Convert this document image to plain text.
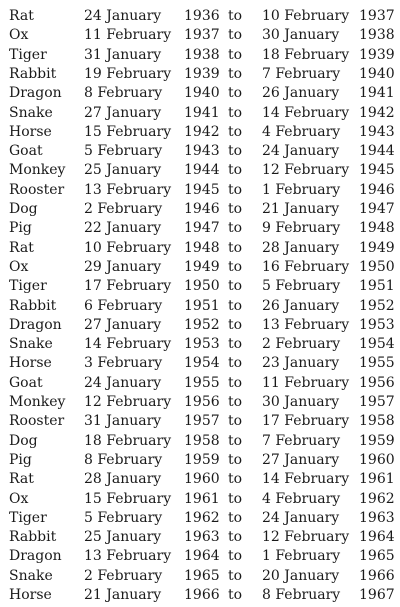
Rat	24 January 1936 to 10 February 1937
Ox	11 February 1937 to 30 January 1938
Tiger	31 January 1938 to 18 February 1939
Rabbit 19 February 1939 to 7 February 1940
Dragon 8 February 1940 to 26 January 1941
Snake 27 January 1941 to 14 February 1942
Horse 15 February 1942 to 4 February 1943
Goat	5 February 1943 to 24 January 1944
Monkey 25 January 1944 to 12 February 1945
Rooster 13 February 1945 to 1 February 1946
Dog	2 February 1946 to 21 January 1947
Pig	22 January 1947 to 9 February 1948
Rat	10 February 1948 to 28 January 1949
Ox	29 January 1949 to 16 February 1950
Tiger	17 February 1950 to 5 February 1951
Rabbit 6 February 1951 to 26 January 1952
Dragon 27 January 1952 to 13 February 1953
Snake 14 February 1953 to 2 February 1954
Horse 3 February 1954 to 23 January 1955
Goat	24 January 1955 to 11 February 1956
Monkey 12 February 1956 to 30 January 1957
Rooster 31 January 1957 to 17 February 1958
Dog	18 February 1958 to 7 February 1959
Pig	8 February 1959 to 27 January 1960
Rat	28 January 1960 to 14 February 1961
Ox	15 February 1961 to 4 February 1962
Tiger	5 February 1962 to 24 January 1963
Rabbit 25 January 1963 to 12 February 1964
Dragon 13 February 1964 to 1 February 1965
Snake 2 February 1965 to 20 January 1966
Horse 21 January 1966 to 8 February 1967
